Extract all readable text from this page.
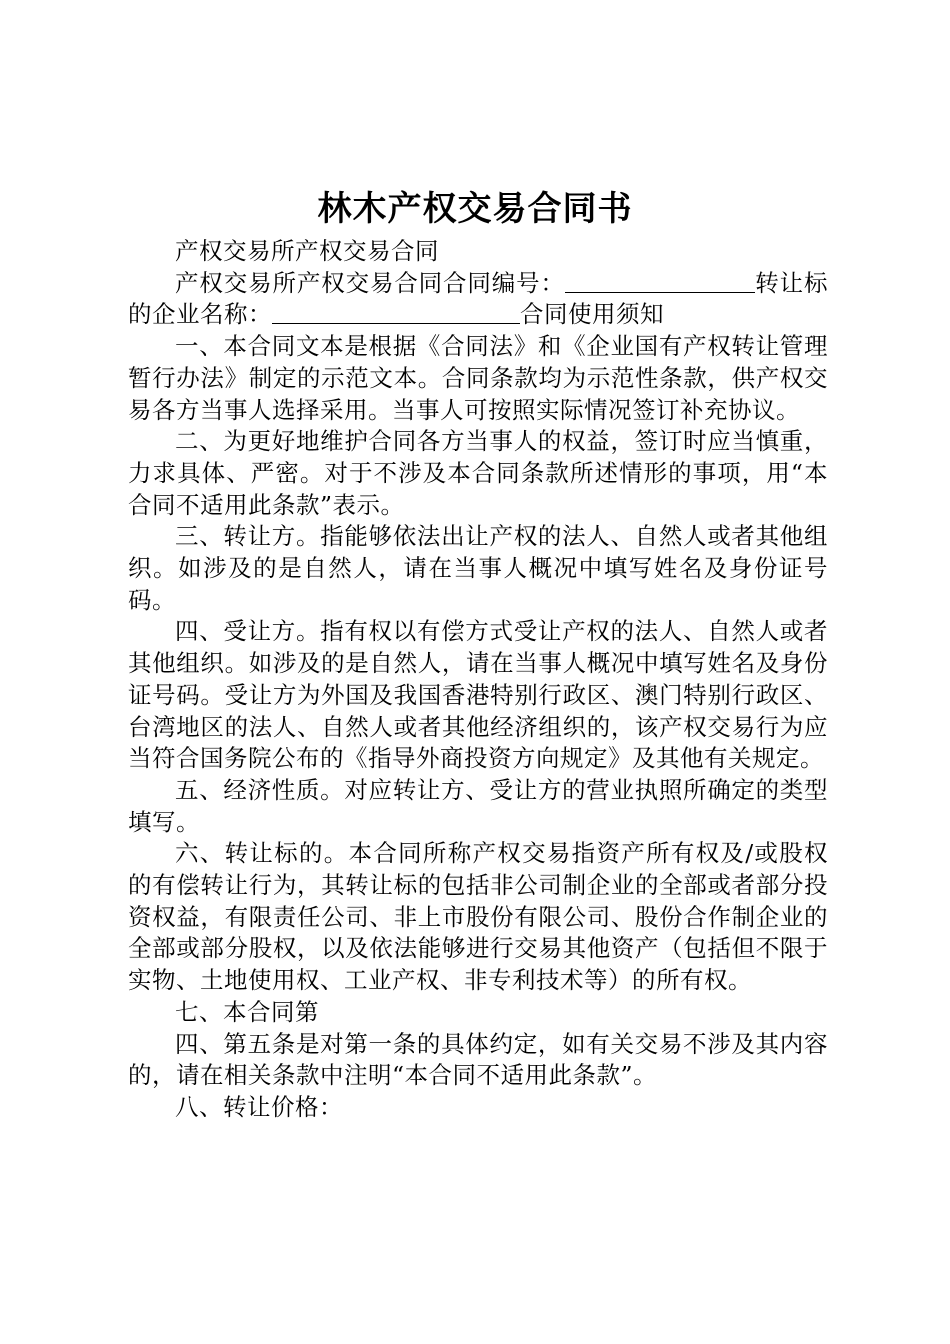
林木产权交易合同书

产权交易所产权交易合同

产权交易所产权交易合同合同编号：	转让标的企业名称：	合同使用须知

一、本合同文本是根据《合同法》和《企业国有产权转让管理暂行办法》制定的示范文本。合同条款均为示范性条款，供产权交易各方当事人选择采用。当事人可按照实际情况签订补充协议。

二、为更好地维护合同各方当事人的权益，签订时应当慎重，力求具体、严密。对于不涉及本合同条款所述情形的事项，用“本合同不适用此条款”表示。

三、转让方。指能够依法出让产权的法人、自然人或者其他组织。如涉及的是自然人，请在当事人概况中填写姓名及身份证号码。

四、受让方。指有权以有偿方式受让产权的法人、自然人或者其他组织。如涉及的是自然人，请在当事人概况中填写姓名及身份证号码。受让方为外国及我国香港特别行政区、澳门特别行政区、台湾地区的法人、自然人或者其他经济组织的，该产权交易行为应当符合国务院公布的《指导外商投资方向规定》及其他有关规定。

五、经济性质。对应转让方、受让方的营业执照所确定的类型填写。

六、转让标的。本合同所称产权交易指资产所有权及/或股权的有偿转让行为，其转让标的包括非公司制企业的全部或者部分投资权益，有限责任公司、非上市股份有限公司、股份合作制企业的全部或部分股权，以及依法能够进行交易其他资产（包括但不限于实物、土地使用权、工业产权、非专利技术等）的所有权。

七、本合同第

四、第五条是对第一条的具体约定，如有关交易不涉及其内容的，请在相关条款中注明“本合同不适用此条款”。

八、转让价格：
